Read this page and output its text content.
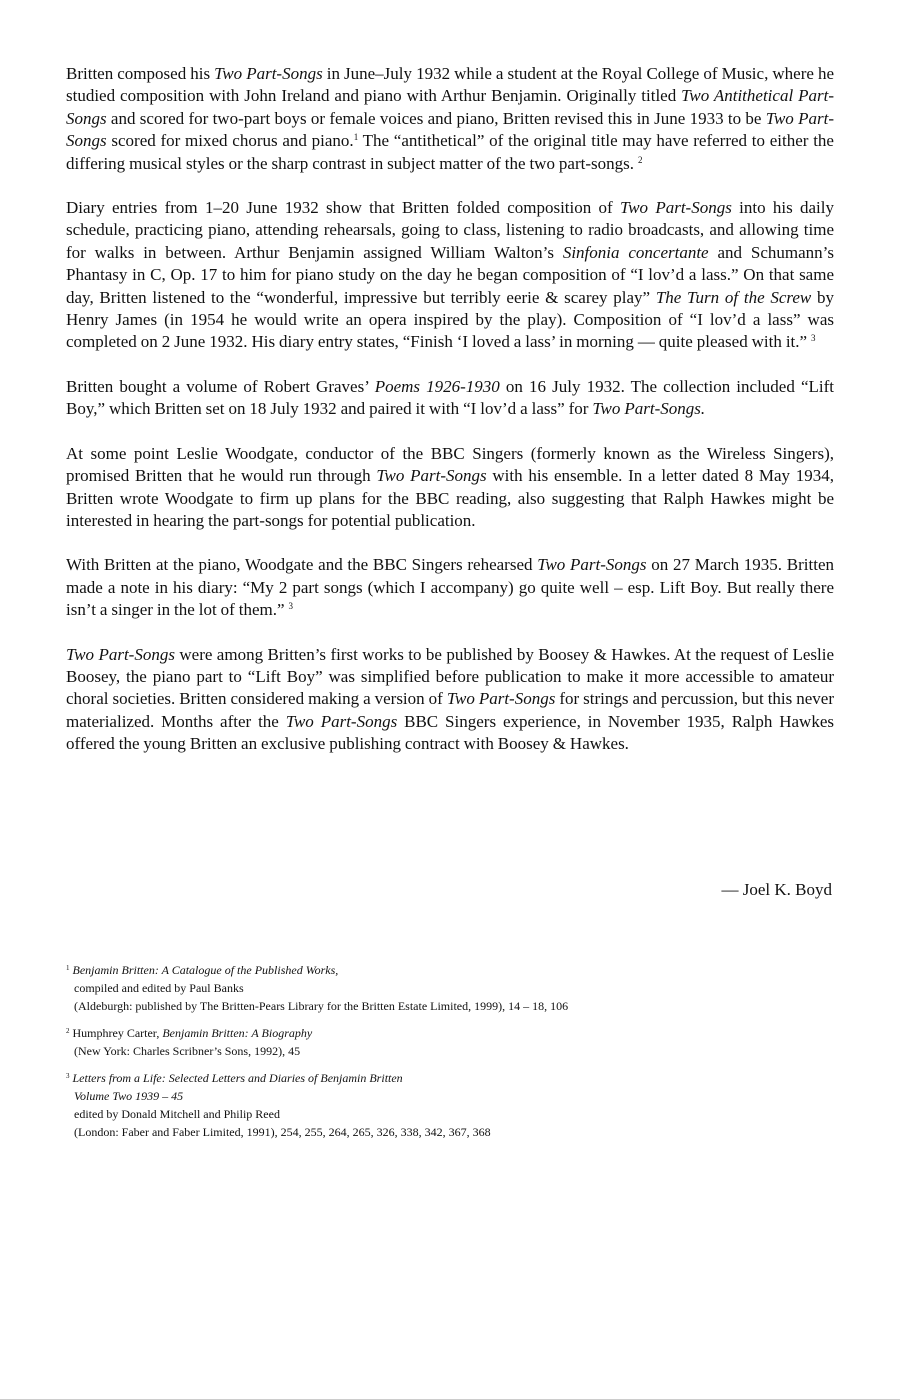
Britten composed his Two Part-Songs in June–July 1932 while a student at the Royal College of Music, where he studied composition with John Ireland and piano with Arthur Benjamin. Originally titled Two Antithetical Part-Songs and scored for two-part boys or female voices and piano, Britten revised this in June 1933 to be Two Part-Songs scored for mixed chorus and piano.$^1$ The “antithetical” of the original title may have referred to either the differing musical styles or the sharp contrast in subject matter of the two part-songs. $^2$

Diary entries from 1–20 June 1932 show that Britten folded composition of Two Part-Songs into his daily schedule, practicing piano, attending rehearsals, going to class, listening to radio broadcasts, and allowing time for walks in between. Arthur Benjamin assigned William Walton’s Sinfonia concertante and Schumann’s Phantasy in C, Op. 17 to him for piano study on the day he began composition of “I lov’d a lass.” On that same day, Britten listened to the “wonderful, impressive but terribly eerie & scarey play” The Turn of the Screw by Henry James (in 1954 he would write an opera inspired by the play). Composition of “I lov’d a lass” was completed on 2 June 1932. His diary entry states, “Finish ‘I loved a lass’ in morning — quite pleased with it.” $^3$

Britten bought a volume of Robert Graves’ Poems 1926-1930 on 16 July 1932. The collection included “Lift Boy,” which Britten set on 18 July 1932 and paired it with “I lov’d a lass” for Two Part-Songs.

At some point Leslie Woodgate, conductor of the BBC Singers (formerly known as the Wireless Singers), promised Britten that he would run through Two Part-Songs with his ensemble. In a letter dated 8 May 1934, Britten wrote Woodgate to firm up plans for the BBC reading, also suggesting that Ralph Hawkes might be interested in hearing the part-songs for potential publication.

With Britten at the piano, Woodgate and the BBC Singers rehearsed Two Part-Songs on 27 March 1935. Britten made a note in his diary: “My 2 part songs (which I accompany) go quite well – esp. Lift Boy. But really there isn’t a singer in the lot of them.” $^3$

Two Part-Songs were among Britten’s first works to be published by Boosey & Hawkes. At the request of Leslie Boosey, the piano part to “Lift Boy” was simplified before publication to make it more accessible to amateur choral societies. Britten considered making a version of Two Part-Songs for strings and percussion, but this never materialized. Months after the Two Part-Songs BBC Singers experience, in November 1935, Ralph Hawkes offered the young Britten an exclusive publishing contract with Boosey & Hawkes.

— Joel K. Boyd
$^1$ Benjamin Britten: A Catalogue of the Published Works,
compiled and edited by Paul Banks
(Aldeburgh: published by The Britten-Pears Library for the Britten Estate Limited, 1999), 14 – 18, 106
$^2$ Humphrey Carter, Benjamin Britten: A Biography
(New York: Charles Scribner’s Sons, 1992), 45
$^3$ Letters from a Life: Selected Letters and Diaries of Benjamin Britten
Volume Two 1939 – 45
edited by Donald Mitchell and Philip Reed
(London: Faber and Faber Limited, 1991), 254, 255, 264, 265, 326, 338, 342, 367, 368
